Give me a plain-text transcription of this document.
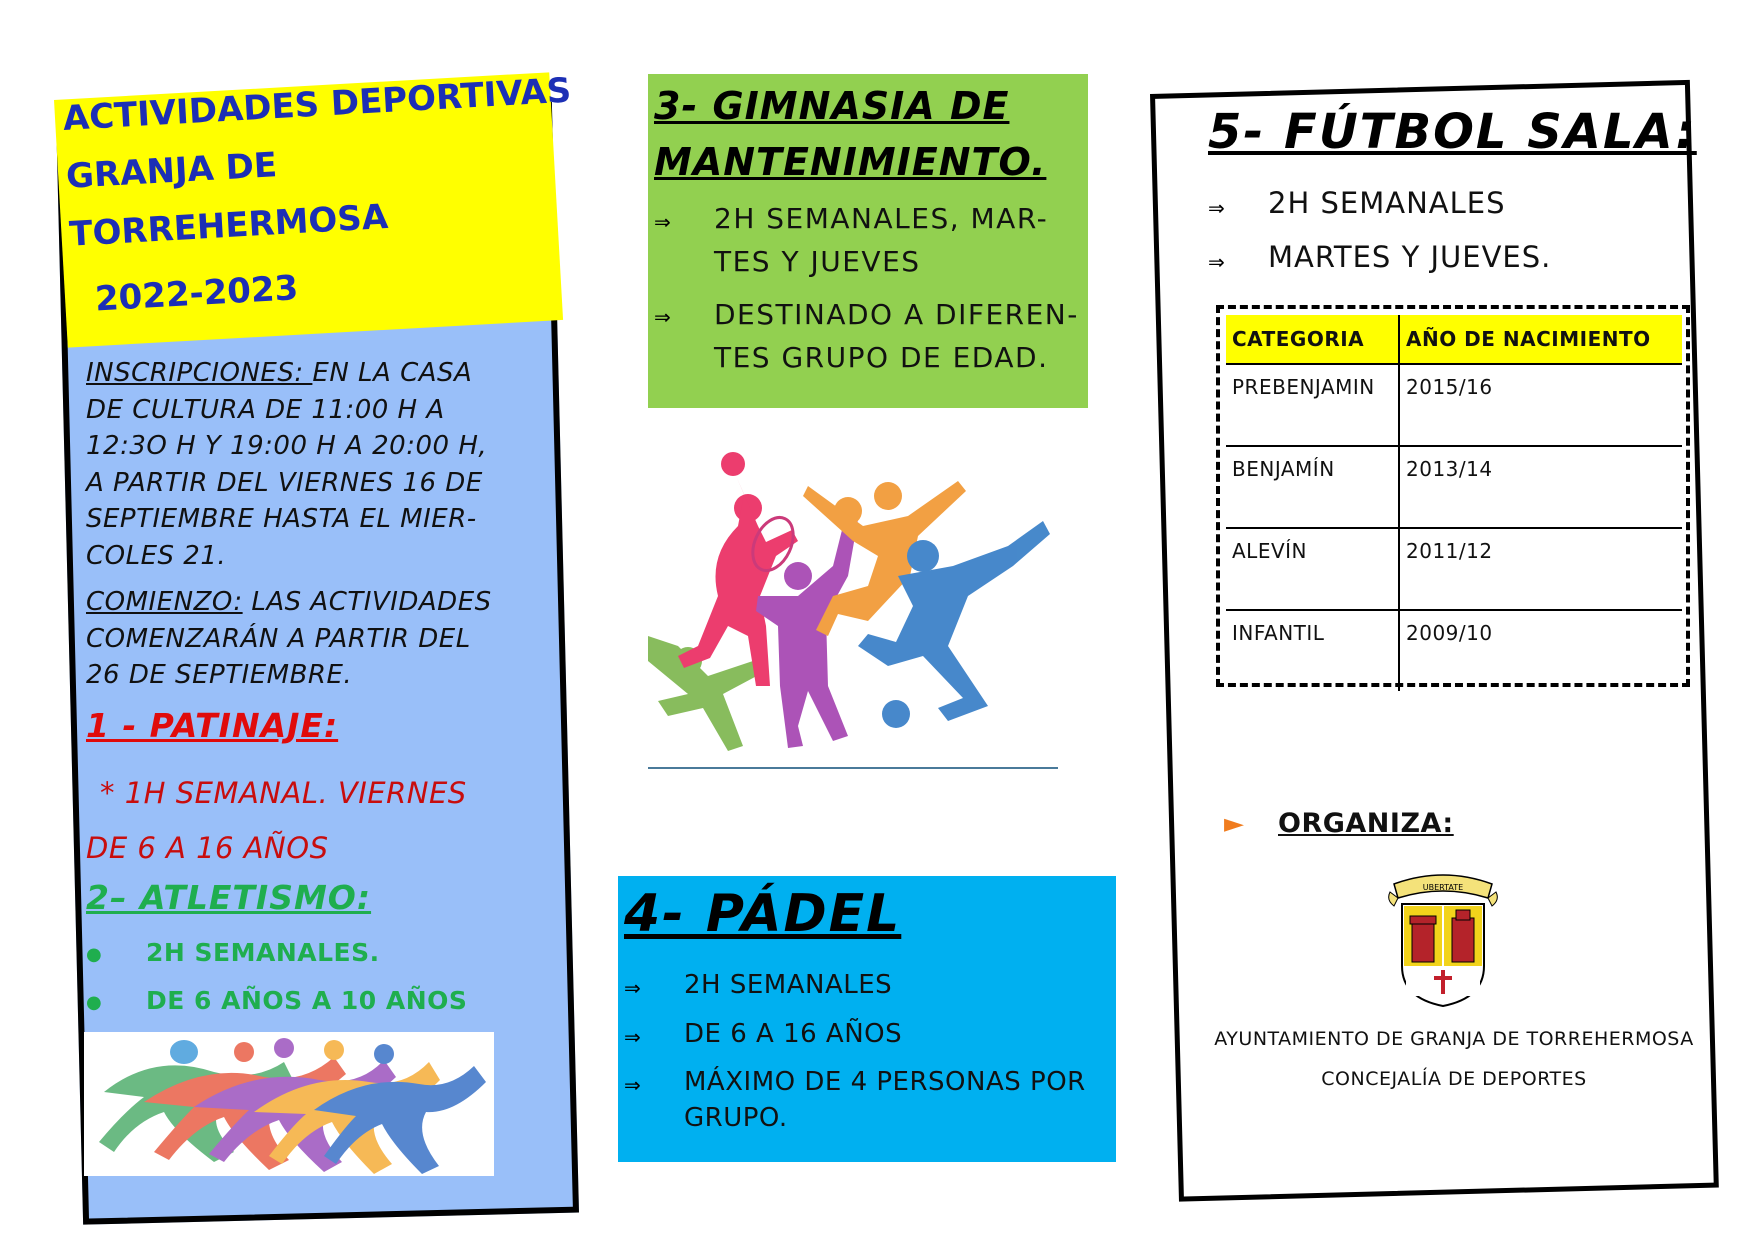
ACTIVIDADES DEPORTIVAS
GRANJA DE
TORREHERMOSA
2022-2023
INSCRIPCIONES: EN LA CASA
DE CULTURA DE 11:00 H A
12:3O H Y 19:00 H A 20:00 H,
A PARTIR DEL VIERNES 16 DE
SEPTIEMBRE HASTA EL MIER-
COLES 21.
COMIENZO: LAS ACTIVIDADES
COMENZARÁN A PARTIR DEL
26 DE SEPTIEMBRE.
1 - PATINAJE:
* 1H SEMANAL. VIERNES
DE 6 A 16 AÑOS
2– ATLETISMO:
● 2H SEMANALES.
● DE 6 AÑOS A 10 AÑOS
3- GIMNASIA DE
MANTENIMIENTO.
⇒ 2H SEMANALES, MAR-
TES Y JUEVES
⇒ DESTINADO A DIFEREN-
TES GRUPO DE EDAD.
4- PÁDEL
⇒ 2H SEMANALES
⇒ DE 6 A 16 AÑOS
⇒ MÁXIMO DE 4 PERSONAS POR GRUPO.
5- FÚTBOL SALA:
⇒ 2H SEMANALES
⇒ MARTES Y JUEVES.
CATEGORIA	AÑO DE NACIMIENTO
PREBENJAMIN	2015/16
BENJAMÍN	2013/14
ALEVÍN	2011/12
INFANTIL	2009/10
► ORGANIZA:
UBERTATE
AYUNTAMIENTO DE GRANJA DE TORREHERMOSA
CONCEJALÍA DE DEPORTES
